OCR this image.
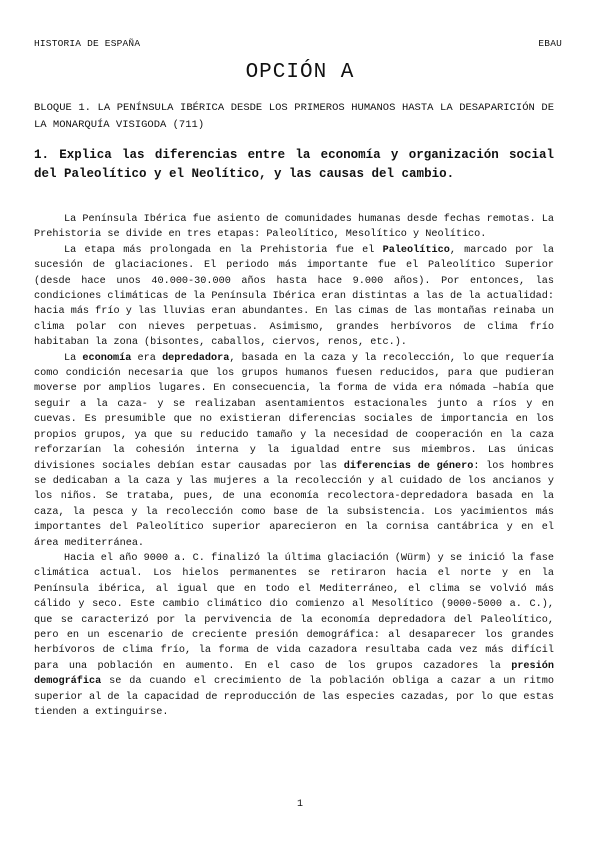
HISTORIA DE ESPAÑA	EBAU
OPCIÓN A
BLOQUE 1. LA PENÍNSULA IBÉRICA DESDE LOS PRIMEROS HUMANOS HASTA LA DESAPARICIÓN DE LA MONARQUÍA VISIGODA (711)
1. Explica las diferencias entre la economía y organización social del Paleolítico y el Neolítico, y las causas del cambio.

La Península Ibérica fue asiento de comunidades humanas desde fechas remotas. La Prehistoria se divide en tres etapas: Paleolítico, Mesolítico y Neolítico.

La etapa más prolongada en la Prehistoria fue el Paleolítico, marcado por la sucesión de glaciaciones. El periodo más importante fue el Paleolítico Superior (desde hace unos 40.000-30.000 años hasta hace 9.000 años). Por entonces, las condiciones climáticas de la Península Ibérica eran distintas a las de la actualidad: hacia más frío y las lluvias eran abundantes. En las cimas de las montañas reinaba un clima polar con nieves perpetuas. Asimismo, grandes herbívoros de clima frío habitaban la zona (bisontes, caballos, ciervos, renos, etc.).

La economía era depredadora, basada en la caza y la recolección, lo que requería como condición necesaria que los grupos humanos fuesen reducidos, para que pudieran moverse por amplios lugares. En consecuencia, la forma de vida era nómada –había que seguir a la caza- y se realizaban asentamientos estacionales junto a ríos y en cuevas. Es presumible que no existieran diferencias sociales de importancia en los propios grupos, ya que su reducido tamaño y la necesidad de cooperación en la caza reforzarían la cohesión interna y la igualdad entre sus miembros. Las únicas divisiones sociales debían estar causadas por las diferencias de género: los hombres se dedicaban a la caza y las mujeres a la recolección y al cuidado de los ancianos y los niños. Se trataba, pues, de una economía recolectora-depredadora basada en la caza, la pesca y la recolección como base de la subsistencia. Los yacimientos más importantes del Paleolítico superior aparecieron en la cornisa cantábrica y en el área mediterránea.

Hacia el año 9000 a. C. finalizó la última glaciación (Würm) y se inició la fase climática actual. Los hielos permanentes se retiraron hacia el norte y en la Península ibérica, al igual que en todo el Mediterráneo, el clima se volvió más cálido y seco. Este cambio climático dio comienzo al Mesolítico (9000-5000 a. C.), que se caracterizó por la pervivencia de la economía depredadora del Paleolítico, pero en un escenario de creciente presión demográfica: al desaparecer los grandes herbívoros de clima frío, la forma de vida cazadora resultaba cada vez más difícil para una población en aumento. En el caso de los grupos cazadores la presión demográfica se da cuando el crecimiento de la población obliga a cazar a un ritmo superior al de la capacidad de reproducción de las especies cazadas, por lo que estas tienden a extinguirse.

1
